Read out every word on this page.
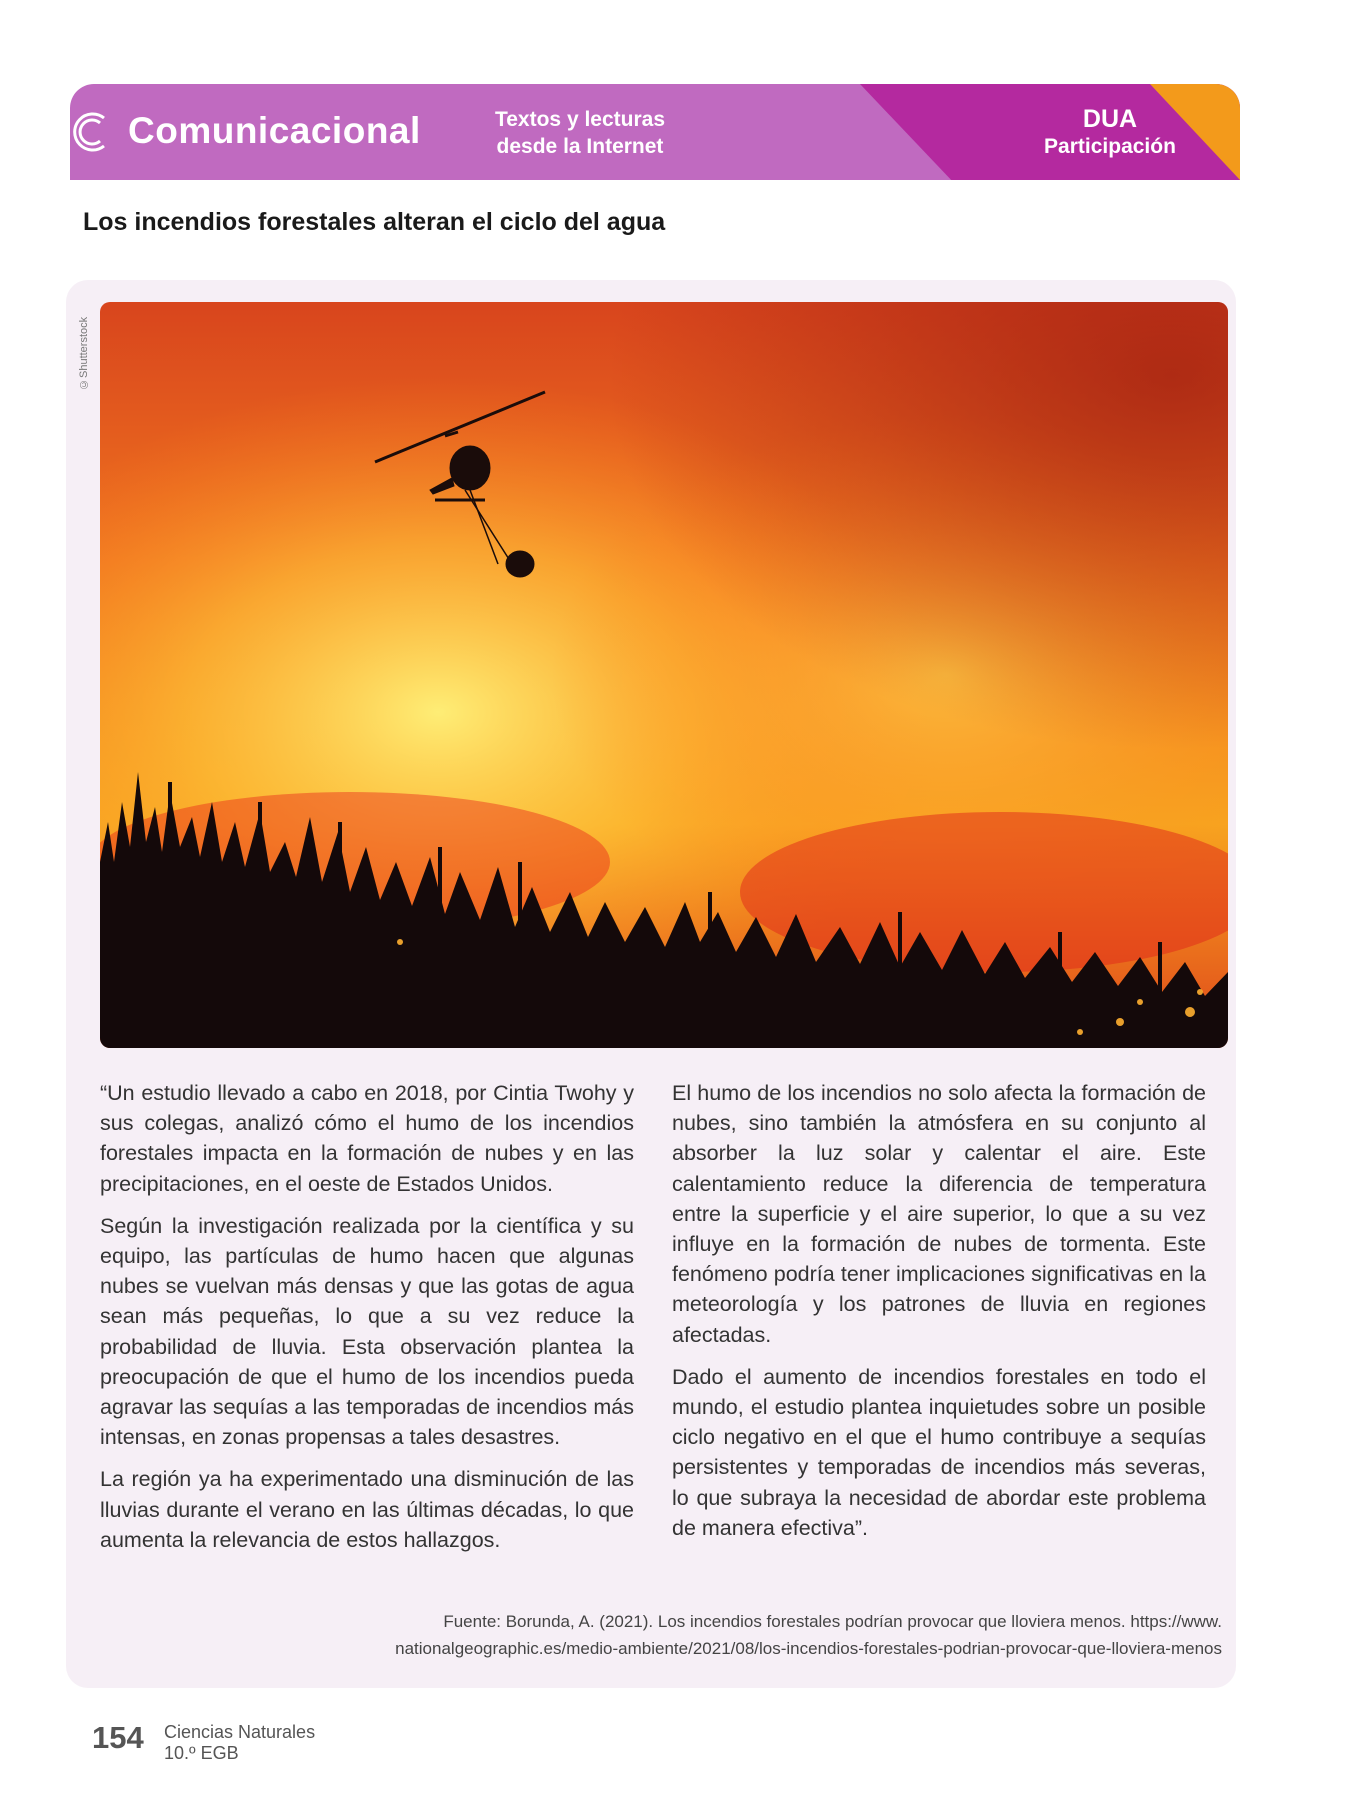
Comunicacional	Textos y lecturas
desde la Internet
DUA
Participación
Los incendios forestales alteran el ciclo del agua
©Shutterstock

“Un estudio llevado a cabo en 2018, por Cintia Twohy y sus colegas, analizó cómo el humo de los incendios forestales impacta en la formación de nubes y en las precipitaciones, en el oeste de Estados Unidos.

Según la investigación realizada por la científica y su equipo, las partículas de humo hacen que algunas nubes se vuelvan más densas y que las gotas de agua sean más pequeñas, lo que a su vez reduce la probabilidad de lluvia. Esta observación plantea la preocupación de que el humo de los incendios pueda agravar las sequías a las temporadas de incendios más intensas, en zonas propensas a tales desastres.

La región ya ha experimentado una disminución de las lluvias durante el verano en las últimas décadas, lo que aumenta la relevancia de estos hallazgos.

El humo de los incendios no solo afecta la formación de nubes, sino también la atmósfera en su conjunto al absorber la luz solar y calentar el aire. Este calentamiento reduce la diferencia de temperatura entre la superficie y el aire superior, lo que a su vez influye en la formación de nubes de tormenta. Este fenómeno podría tener implicaciones significativas en la meteorología y los patrones de lluvia en regiones afectadas.

Dado el aumento de incendios forestales en todo el mundo, el estudio plantea inquietudes sobre un posible ciclo negativo en el que el humo contribuye a sequías persistentes y temporadas de incendios más severas, lo que subraya la necesidad de abordar este problema de manera efectiva”.

Fuente: Borunda, A. (2021). Los incendios forestales podrían provocar que lloviera menos. https://www.
nationalgeographic.es/medio-ambiente/2021/08/los-incendios-forestales-podrian-provocar-que-lloviera-menos
154 Ciencias Naturales
10.º EGB
